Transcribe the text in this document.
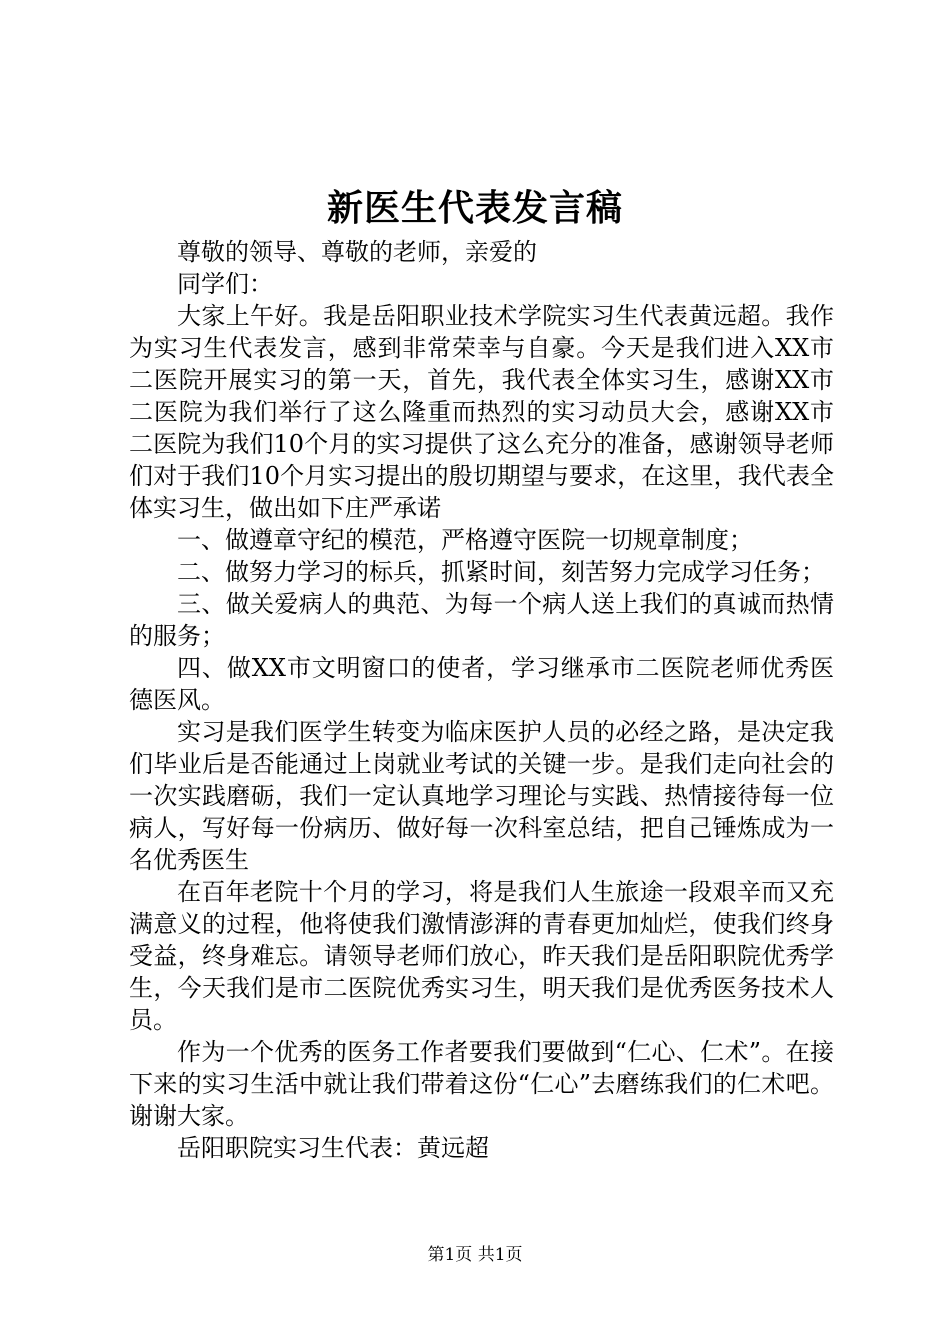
新医生代表发言稿

尊敬的领导、尊敬的老师，亲爱的

同学们：

大家上午好。我是岳阳职业技术学院实习生代表黄远超。我作为实习生代表发言，感到非常荣幸与自豪。今天是我们进入XX市二医院开展实习的第一天，首先，我代表全体实习生，感谢XX市二医院为我们举行了这么隆重而热烈的实习动员大会，感谢XX市二医院为我们10个月的实习提供了这么充分的准备，感谢领导老师们对于我们10个月实习提出的殷切期望与要求，在这里，我代表全体实习生，做出如下庄严承诺

一、做遵章守纪的模范，严格遵守医院一切规章制度；

二、做努力学习的标兵，抓紧时间，刻苦努力完成学习任务；

三、做关爱病人的典范、为每一个病人送上我们的真诚而热情的服务；

四、做XX市文明窗口的使者，学习继承市二医院老师优秀医德医风。

实习是我们医学生转变为临床医护人员的必经之路，是决定我们毕业后是否能通过上岗就业考试的关键一步。是我们走向社会的一次实践磨砺，我们一定认真地学习理论与实践、热情接待每一位病人，写好每一份病历、做好每一次科室总结，把自己锤炼成为一名优秀医生

在百年老院十个月的学习，将是我们人生旅途一段艰辛而又充满意义的过程，他将使我们激情澎湃的青春更加灿烂，使我们终身受益，终身难忘。请领导老师们放心，昨天我们是岳阳职院优秀学生，今天我们是市二医院优秀实习生，明天我们是优秀医务技术人员。

作为一个优秀的医务工作者要我们要做到“仁心、仁术”。在接下来的实习生活中就让我们带着这份“仁心”去磨练我们的仁术吧。谢谢大家。

岳阳职院实习生代表：黄远超

第1页 共1页
